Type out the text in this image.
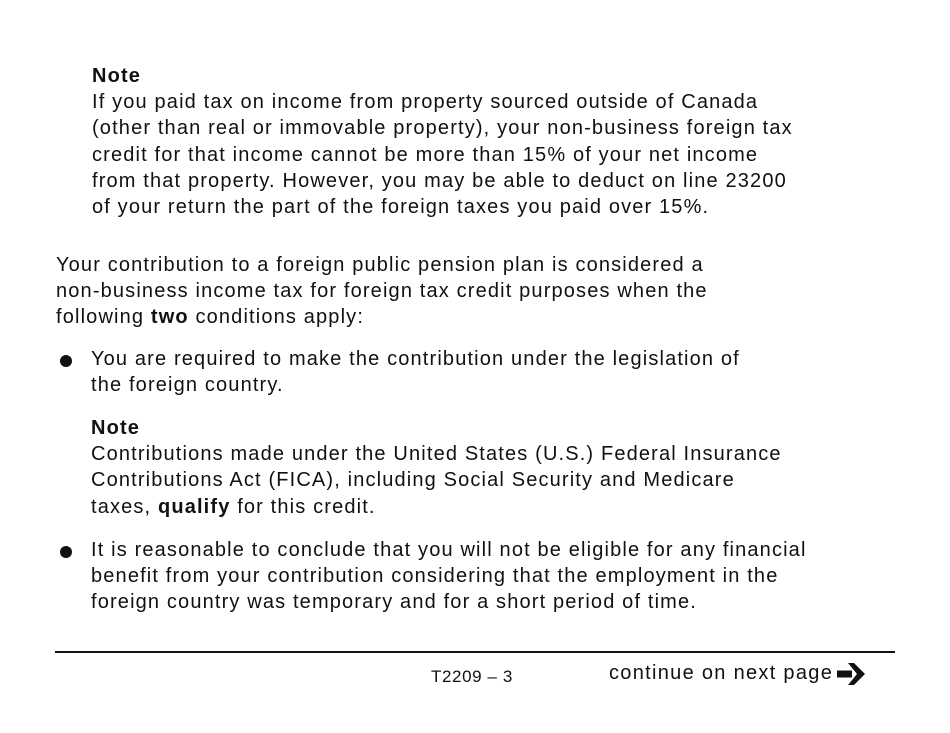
Note
If you paid tax on income from property sourced outside of Canada
(other than real or immovable property), your non-business foreign tax
credit for that income cannot be more than 15% of your net income
from that property. However, you may be able to deduct on line 23200
of your return the part of the foreign taxes you paid over 15%.
Your contribution to a foreign public pension plan is considered a
non-business income tax for foreign tax credit purposes when the
following two conditions apply:
You are required to make the contribution under the legislation of
the foreign country.
Note
Contributions made under the United States (U.S.) Federal Insurance
Contributions Act (FICA), including Social Security and Medicare
taxes, qualify for this credit.
It is reasonable to conclude that you will not be eligible for any financial
benefit from your contribution considering that the employment in the
foreign country was temporary and for a short period of time.
T2209 – 3	continue on next page
